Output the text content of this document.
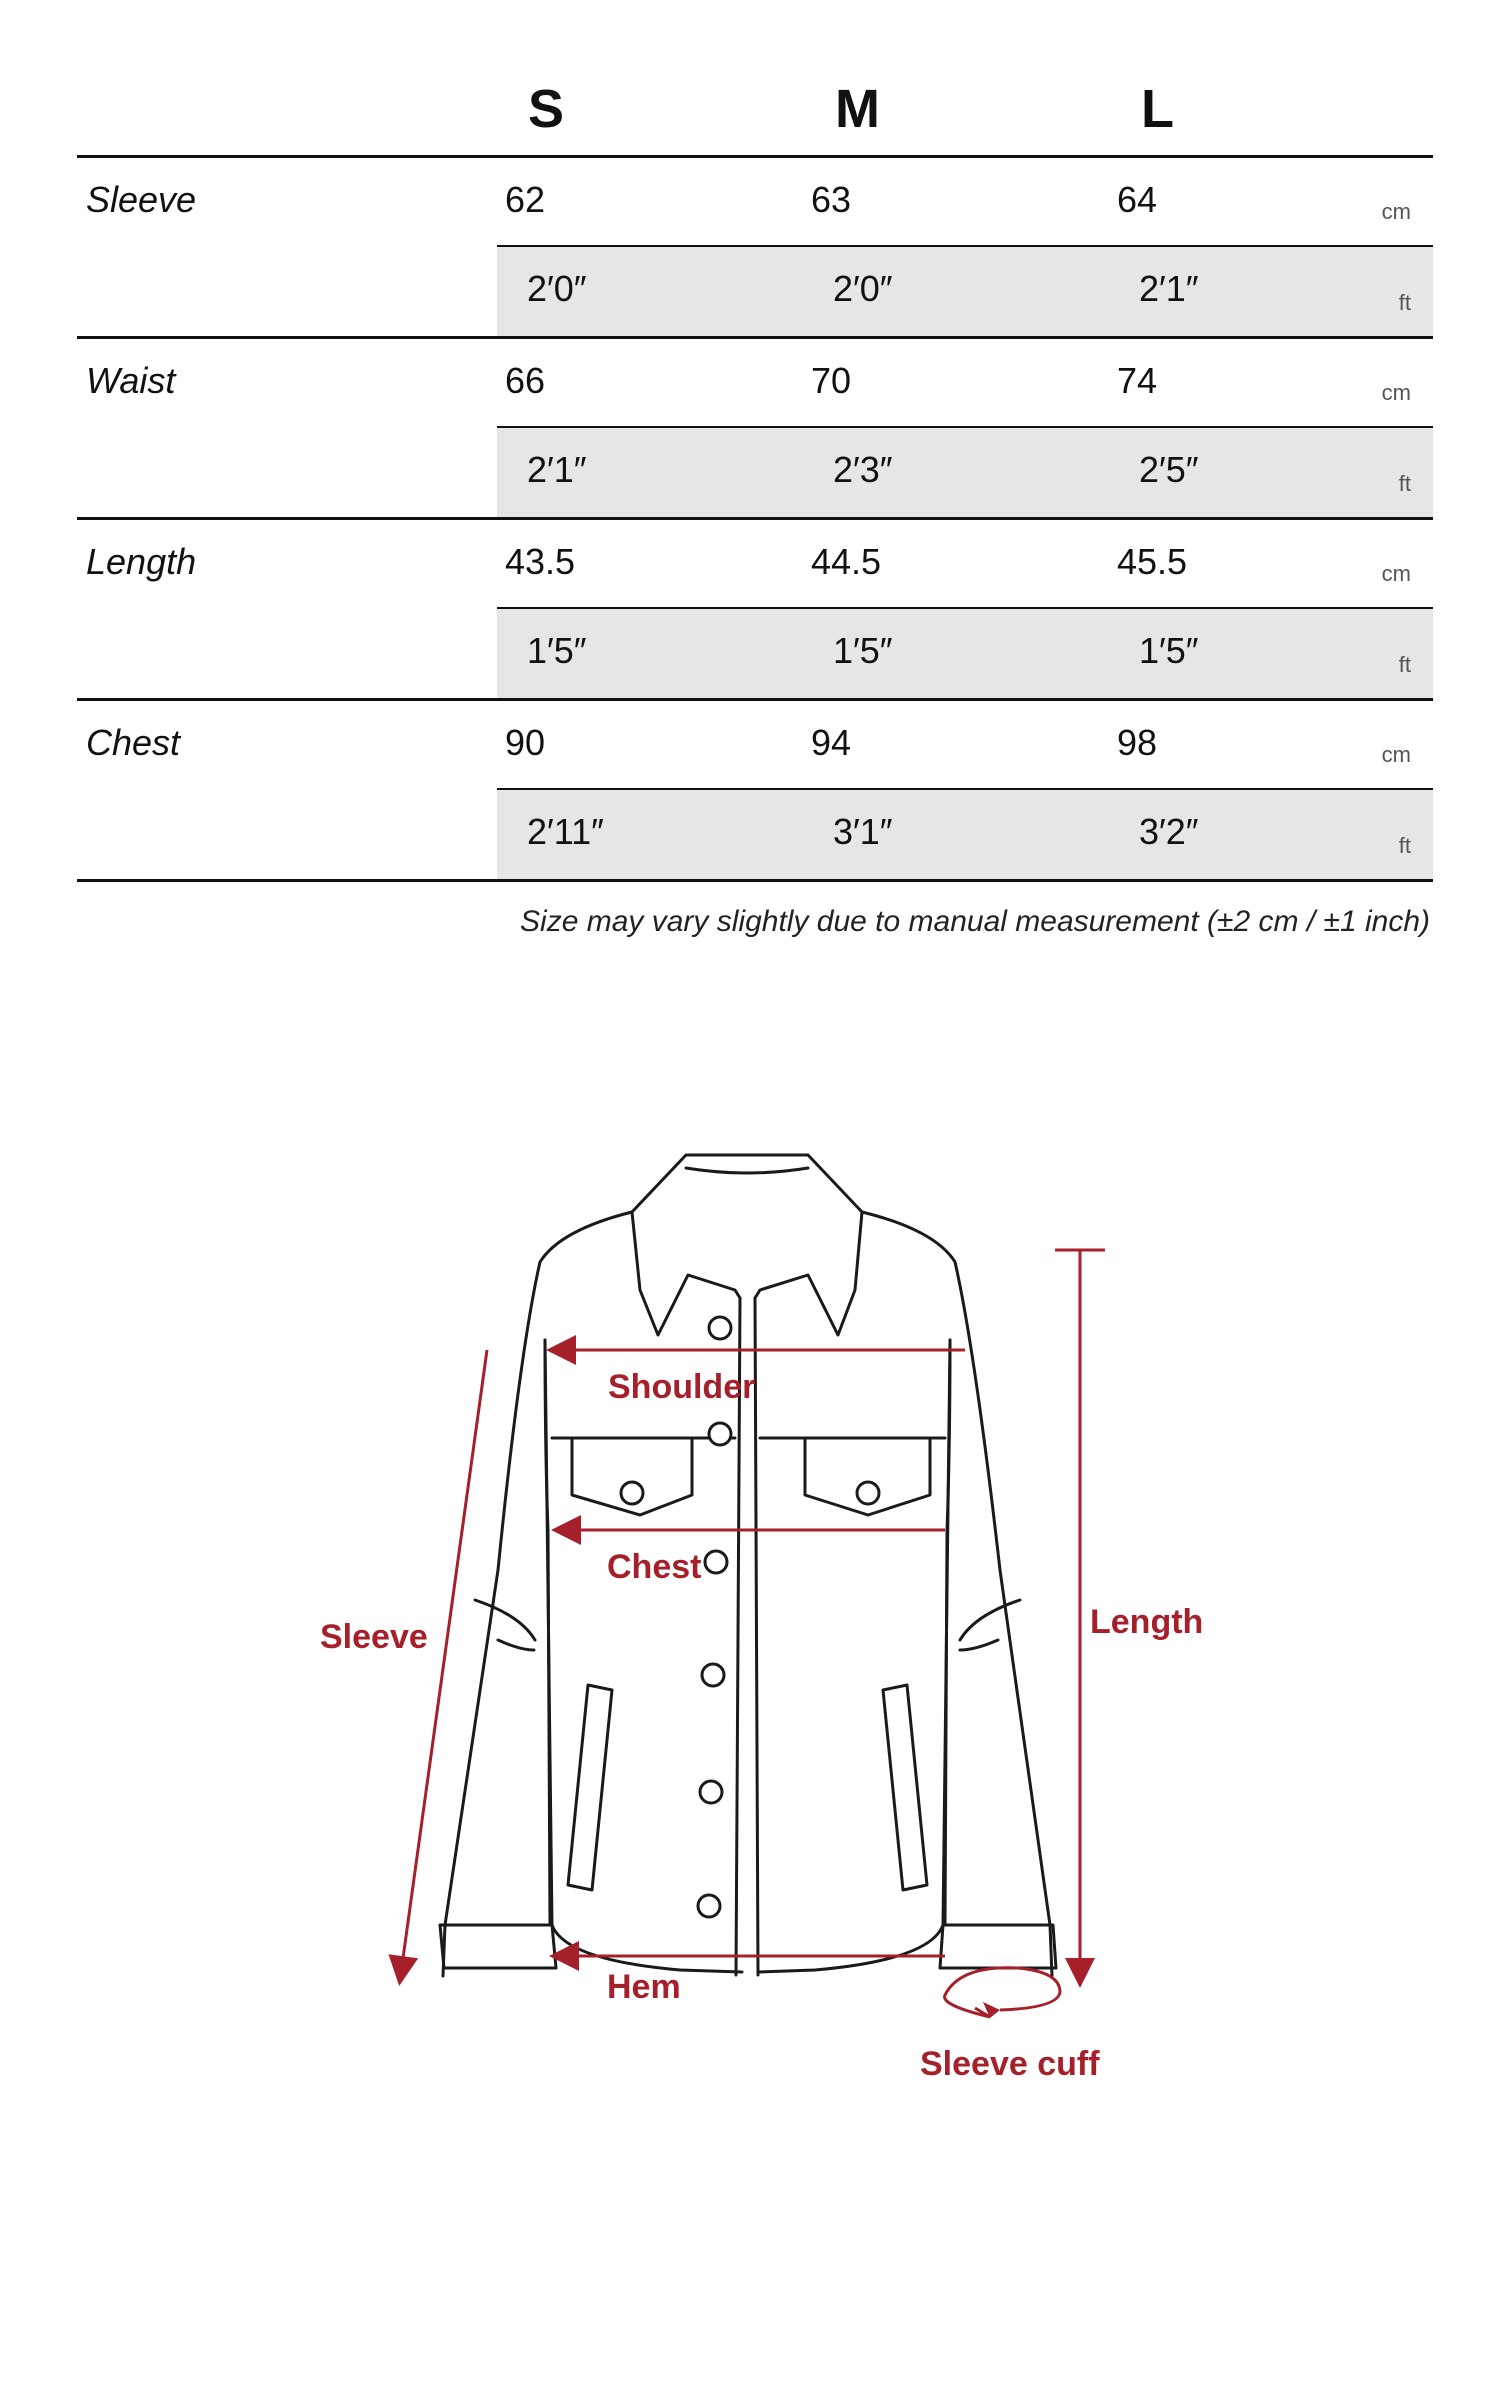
S	M	L
Sleeve	62	63	64	cm
2′0″	2′0″	2′1″	ft
Waist	66	70	74	cm
2′1″	2′3″	2′5″	ft
Length	43.5	44.5	45.5	cm
1′5″	1′5″	1′5″	ft
Chest	90	94	98	cm
2′11″	3′1″	3′2″	ft
Size may vary slightly due to manual measurement (±2 cm / ±1 inch)
Shoulder
Chest
Sleeve	Length
Hem
Sleeve cuff
